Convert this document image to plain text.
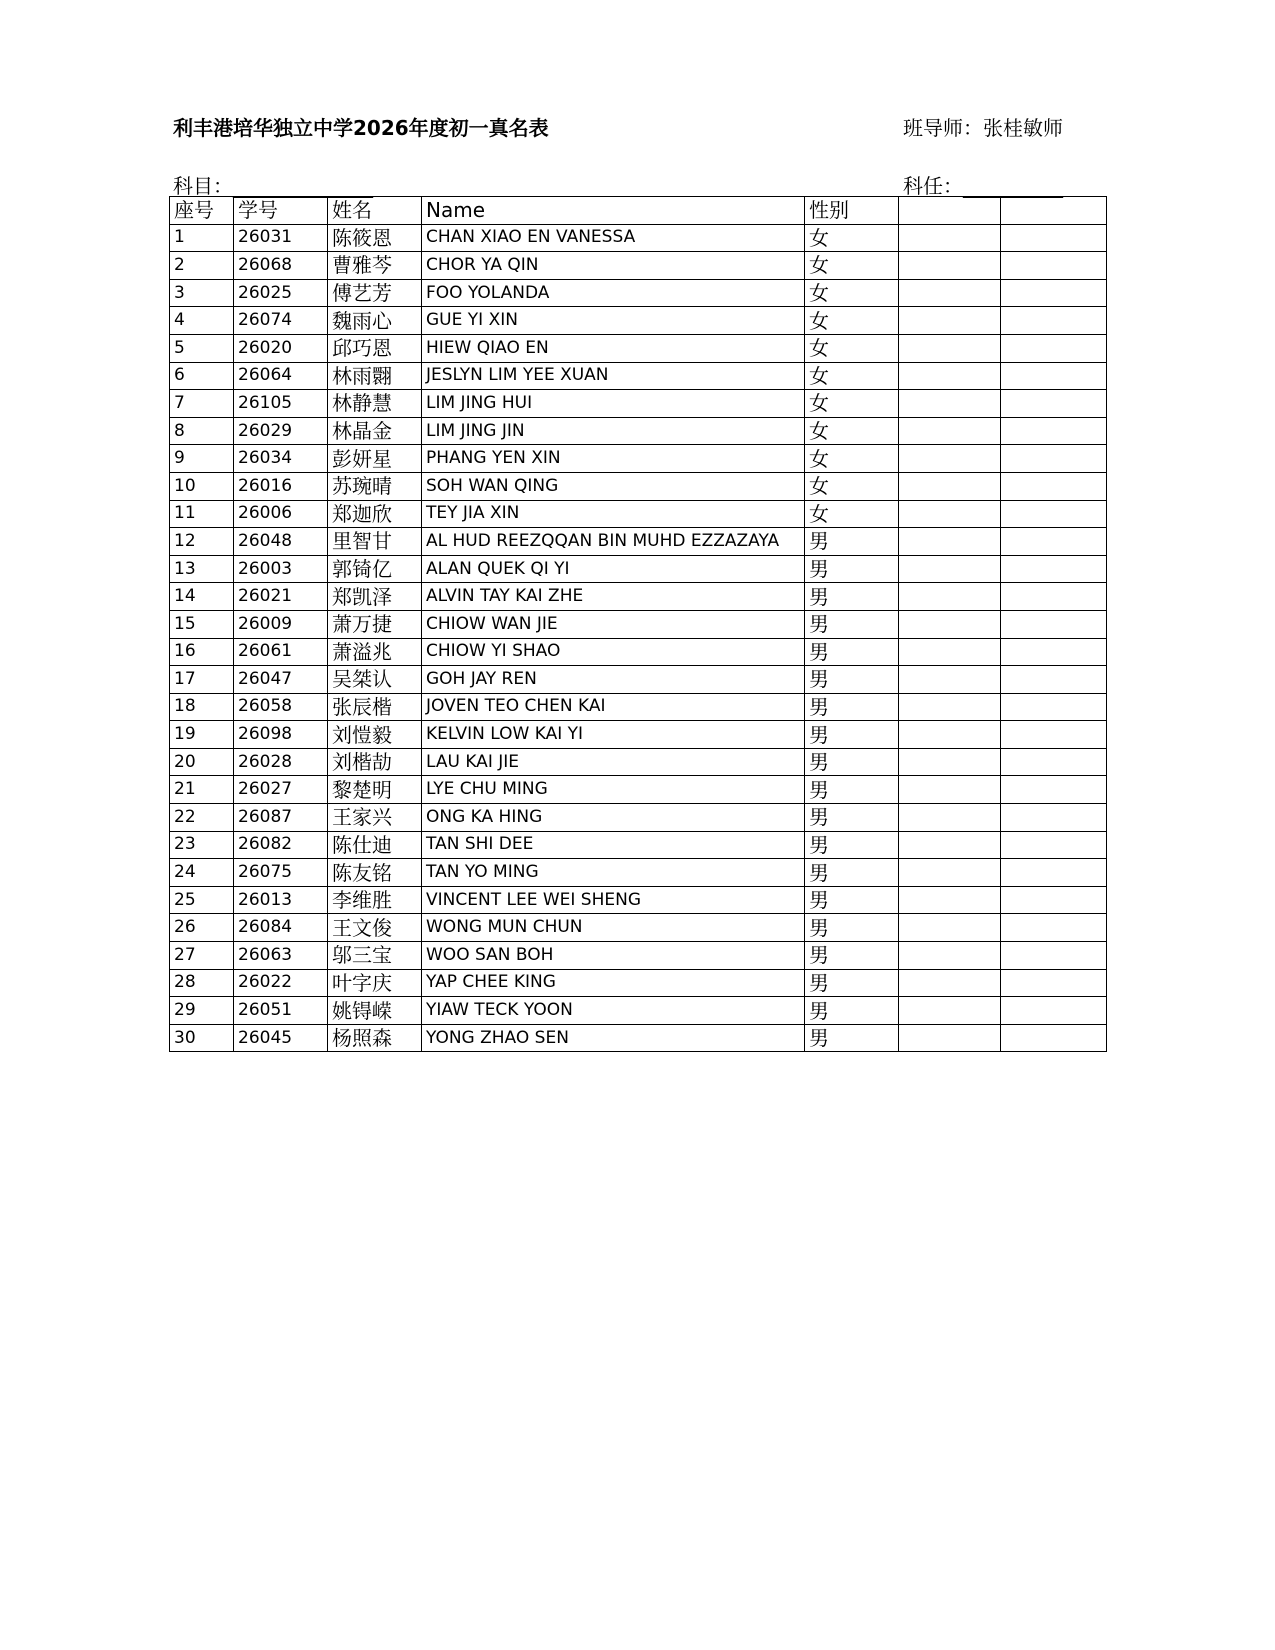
利丰港培华独立中学2026年度初一真名表	班导师：张桂敏师
科目：______________	科任：__________
座号	学号	姓名	Name	性别		
1	26031	陈筱恩	CHAN XIAO EN VANESSA	女		
2	26068	曹雅芩	CHOR YA QIN	女		
3	26025	傅艺芳	FOO YOLANDA	女		
4	26074	魏雨心	GUE YI XIN	女		
5	26020	邱巧恩	HIEW QIAO EN	女		
6	26064	林雨翾	JESLYN LIM YEE XUAN	女		
7	26105	林静慧	LIM JING HUI	女		
8	26029	林晶金	LIM JING JIN	女		
9	26034	彭妍星	PHANG YEN XIN	女		
10	26016	苏琬晴	SOH WAN QING	女		
11	26006	郑迦欣	TEY JIA XIN	女		
12	26048	里智甘	AL HUD REEZQQAN BIN MUHD EZZAZAYA	男		
13	26003	郭锜亿	ALAN QUEK QI YI	男		
14	26021	郑凯泽	ALVIN TAY KAI ZHE	男		
15	26009	萧万捷	CHIOW WAN JIE	男		
16	26061	萧溢兆	CHIOW YI SHAO	男		
17	26047	吴桀认	GOH JAY REN	男		
18	26058	张辰楷	JOVEN TEO CHEN KAI	男		
19	26098	刘愷毅	KELVIN LOW KAI YI	男		
20	26028	刘楷劼	LAU KAI JIE	男		
21	26027	黎楚明	LYE CHU MING	男		
22	26087	王家兴	ONG KA HING	男		
23	26082	陈仕迪	TAN SHI DEE	男		
24	26075	陈友铭	TAN YO MING	男		
25	26013	李维胜	VINCENT LEE WEI SHENG	男		
26	26084	王文俊	WONG MUN CHUN	男		
27	26063	邬三宝	WOO SAN BOH	男		
28	26022	叶字庆	YAP CHEE KING	男		
29	26051	姚锝嵘	YIAW TECK YOON	男		
30	26045	杨照森	YONG ZHAO SEN	男		
